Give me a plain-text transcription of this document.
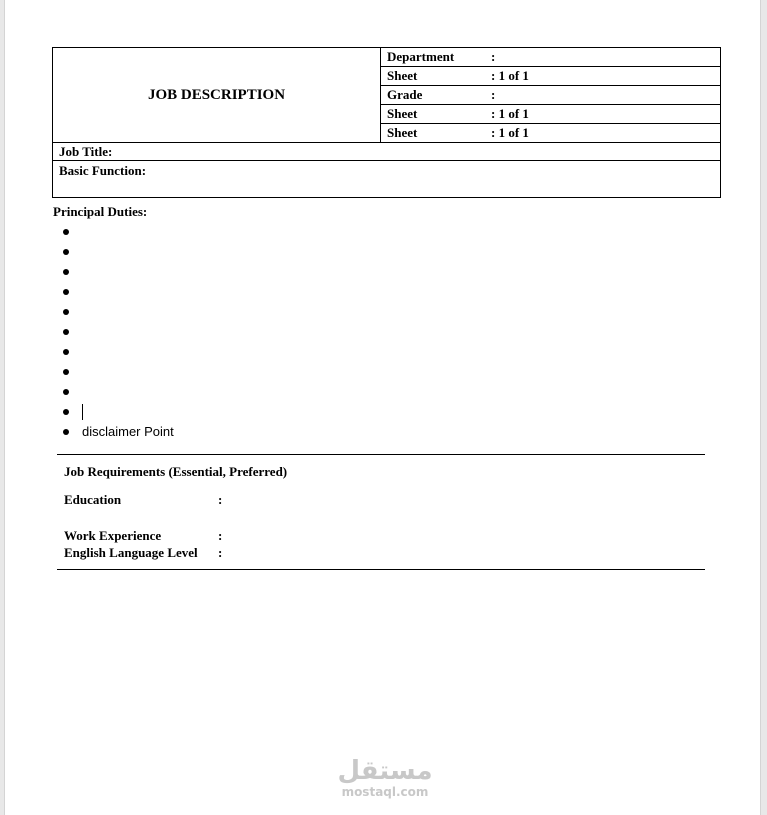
JOB DESCRIPTION	Department	:
Sheet	: 1 of 1
Grade	:
Sheet	: 1 of 1
Sheet	: 1 of 1
Job Title:
Basic Function:
Principal Duties:
disclaimer Point
Job Requirements (Essential, Preferred)
Education	:
Work Experience	:
English Language Level :
مستقل
mostaql.com
